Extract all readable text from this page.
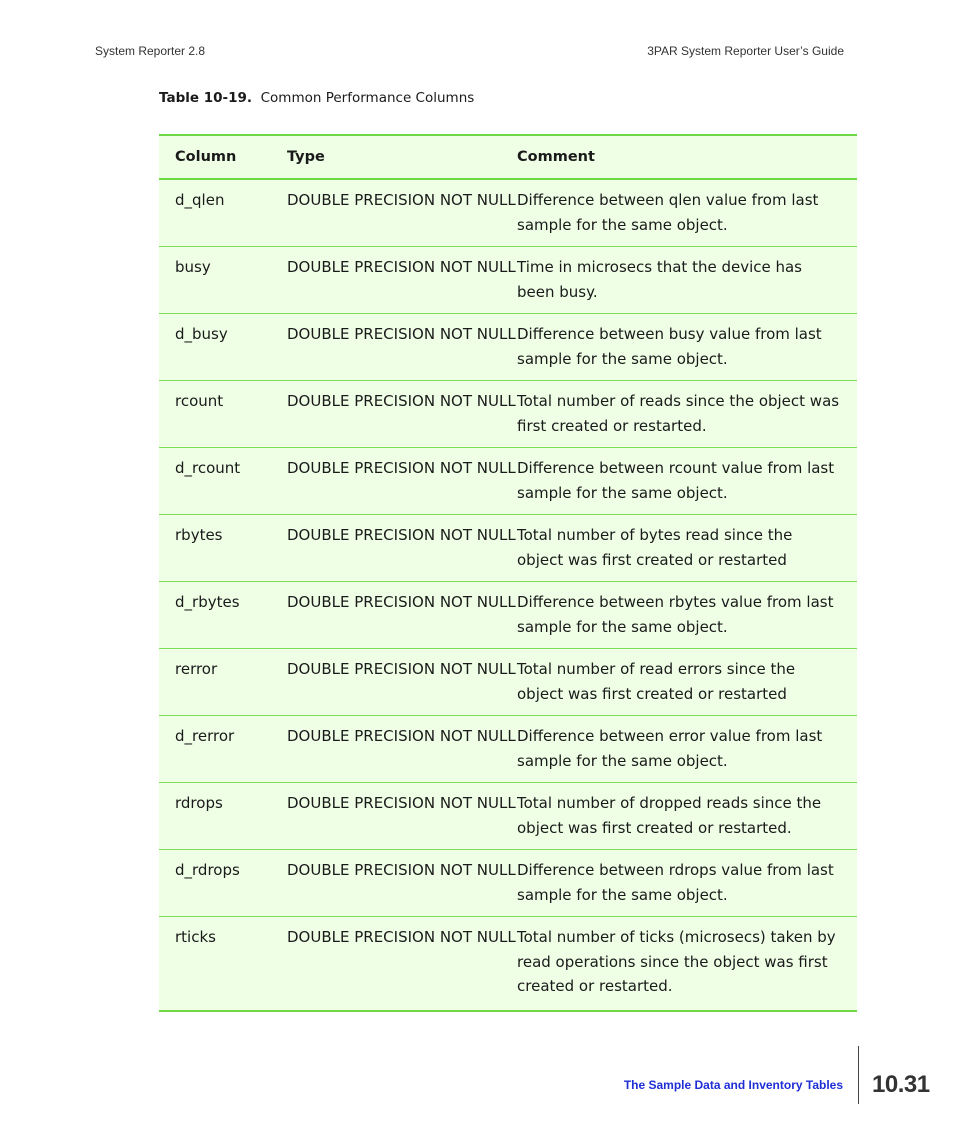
System Reporter 2.8	3PAR System Reporter User’s Guide
Table 10-19. Common Performance Columns
Column	Type	Comment
d_qlen	DOUBLE PRECISION NOT NULL	Difference between qlen value from last sample for the same object.
busy	DOUBLE PRECISION NOT NULL	Time in microsecs that the device has been busy.
d_busy	DOUBLE PRECISION NOT NULL	Difference between busy value from last sample for the same object.
rcount	DOUBLE PRECISION NOT NULL	Total number of reads since the object was first created or restarted.
d_rcount	DOUBLE PRECISION NOT NULL	Difference between rcount value from last sample for the same object.
rbytes	DOUBLE PRECISION NOT NULL	Total number of bytes read since the object was first created or restarted
d_rbytes	DOUBLE PRECISION NOT NULL	Difference between rbytes value from last sample for the same object.
rerror	DOUBLE PRECISION NOT NULL	Total number of read errors since the object was first created or restarted
d_rerror	DOUBLE PRECISION NOT NULL	Difference between error value from last sample for the same object.
rdrops	DOUBLE PRECISION NOT NULL	Total number of dropped reads since the object was first created or restarted.
d_rdrops	DOUBLE PRECISION NOT NULL	Difference between rdrops value from last sample for the same object.
rticks	DOUBLE PRECISION NOT NULL	Total number of ticks (microsecs) taken by read operations since the object was first created or restarted.
The Sample Data and Inventory Tables 10.31
